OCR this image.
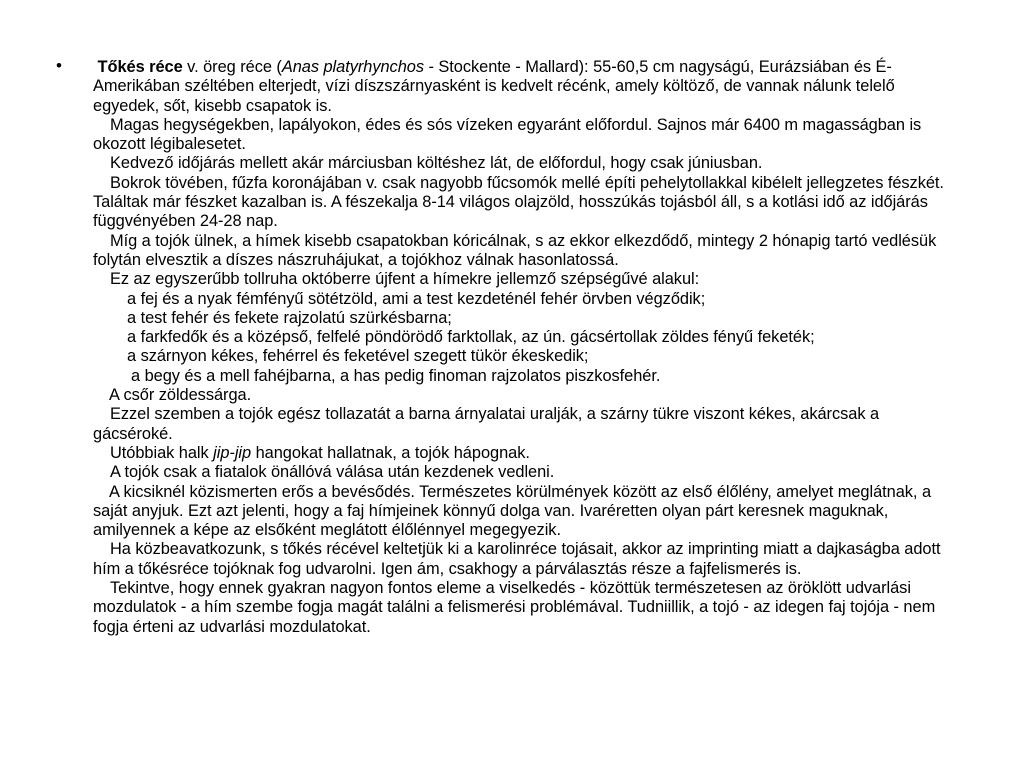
• Tőkés réce v. öreg réce (Anas platyrhynchos - Stockente - Mallard): 55-60,5 cm nagyságú, Eurázsiában és É-Amerikában széltében elterjedt, vízi díszszárnyasként is kedvelt récénk, amely költöző, de vannak nálunk telelő egyedek, sőt, kisebb csapatok is.

Magas hegységekben, lapályokon, édes és sós vízeken egyaránt előfordul. Sajnos már 6400 m magasságban is okozott légibalesetet.

Kedvező időjárás mellett akár márciusban költéshez lát, de előfordul, hogy csak júniusban.

Bokrok tövében, fűzfa koronájában v. csak nagyobb fűcsomók mellé építi pehelytollakkal kibélelt jellegzetes fészkét. Találtak már fészket kazalban is. A fészekalja 8-14 világos olajzöld, hosszúkás tojásból áll, s a kotlási idő az időjárás függvényében 24-28 nap.

Míg a tojók ülnek, a hímek kisebb csapatokban kóricálnak, s az ekkor elkezdődő, mintegy 2 hónapig tartó vedlésük folytán elvesztik a díszes nászruhájukat, a tojókhoz válnak hasonlatossá.

Ez az egyszerűbb tollruha októberre újfent a hímekre jellemző szépségűvé alakul:

a fej és a nyak fémfényű sötétzöld, ami a test kezdeténél fehér örvben végződik;

a test fehér és fekete rajzolatú szürkésbarna;

a farkfedők és a középső, felfelé pöndörödő farktollak, az ún. gácsértollak zöldes fényű feketék;

a szárnyon kékes, fehérrel és feketével szegett tükör ékeskedik;

a begy és a mell fahéjbarna, a has pedig finoman rajzolatos piszkosfehér.

A csőr zöldessárga.

Ezzel szemben a tojók egész tollazatát a barna árnyalatai uralják, a szárny tükre viszont kékes, akárcsak a gácséroké.

Utóbbiak halk jip-jip hangokat hallatnak, a tojók hápognak.

A tojók csak a fiatalok önállóvá válása után kezdenek vedleni.

A kicsiknél közismerten erős a bevésődés. Természetes körülmények között az első élőlény, amelyet meglátnak, a saját anyjuk. Ezt azt jelenti, hogy a faj hímjeinek könnyű dolga van. Ivaréretten olyan párt keresnek maguknak, amilyennek a képe az elsőként meglátott élőlénnyel megegyezik.

Ha közbeavatkozunk, s tőkés récével keltetjük ki a karolinréce tojásait, akkor az imprinting miatt a dajkaságba adott hím a tőkésréce tojóknak fog udvarolni. Igen ám, csakhogy a párválasztás része a fajfelismerés is.

Tekintve, hogy ennek gyakran nagyon fontos eleme a viselkedés - közöttük természetesen az öröklött udvarlási mozdulatok - a hím szembe fogja magát találni a felismerési problémával. Tudniillik, a tojó - az idegen faj tojója - nem fogja érteni az udvarlási mozdulatokat.
